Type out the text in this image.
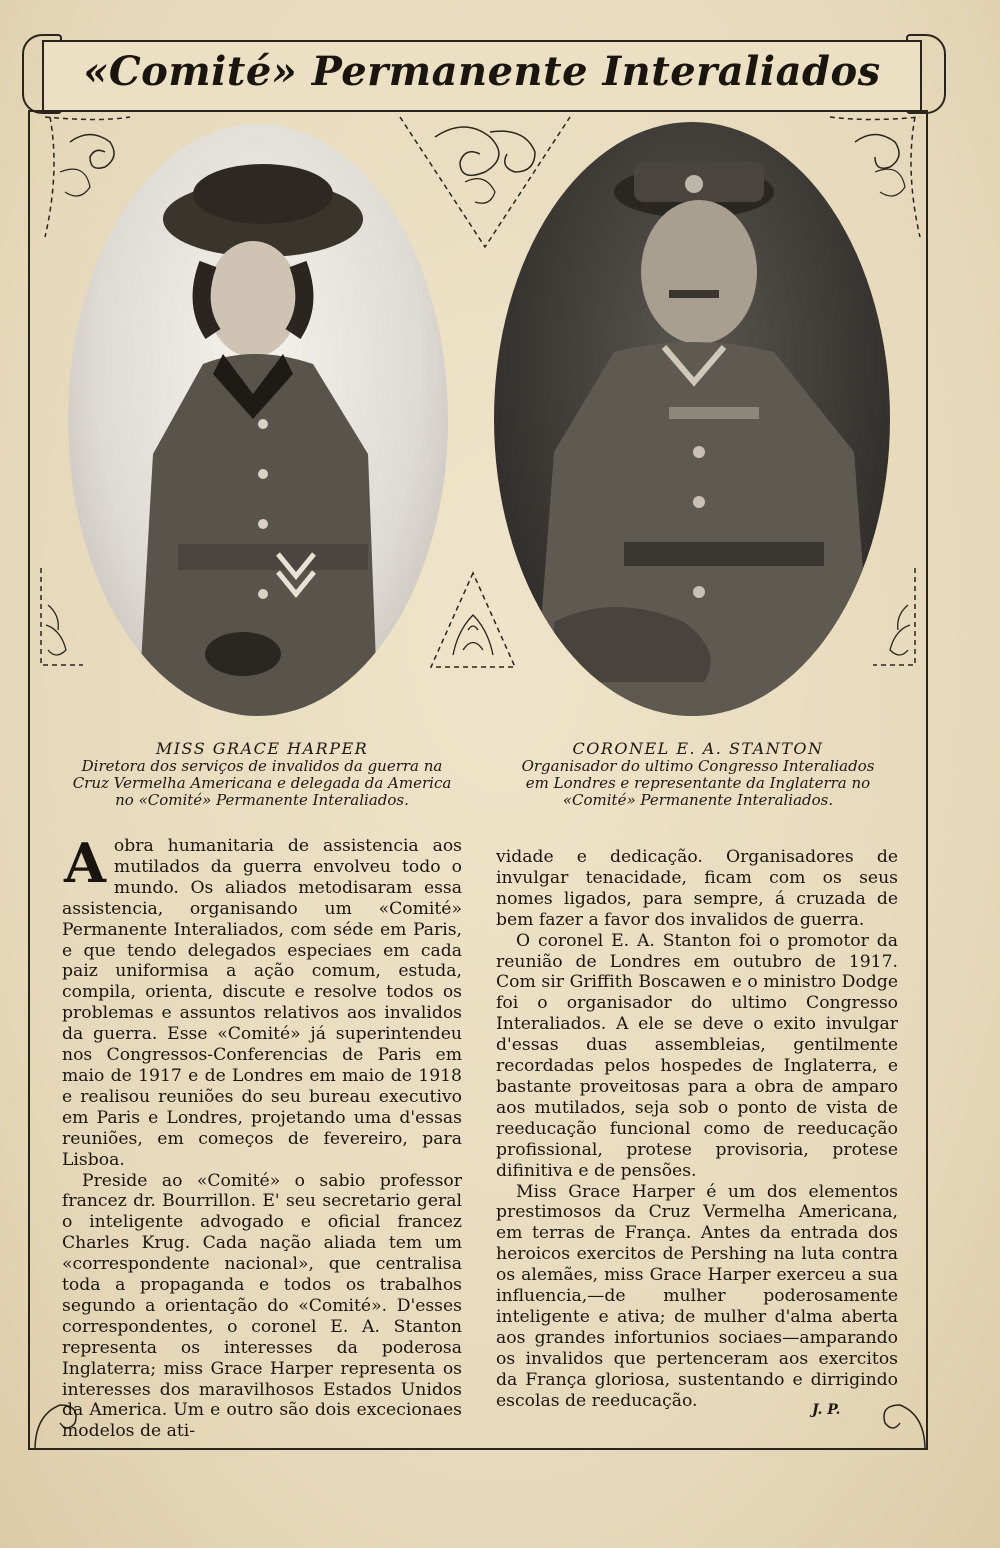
«Comité» Permanente Interaliados
MISS GRACE HARPER
Diretora dos serviços de invalidos da guerra na
Cruz Vermelha Americana e delegada da America
no «Comité» Permanente Interaliados.
CORONEL E. A. STANTON
Organisador do ultimo Congresso Interaliados
em Londres e representante da Inglaterra no
«Comité» Permanente Interaliados.

Aobra humanitaria de assistencia aos mutilados da guerra envolveu todo o mundo. Os aliados metodisaram essa assistencia, organisando um «Comité» Permanente Interaliados, com séde em Paris, e que tendo delegados especiaes em cada paiz uniformisa a ação comum, estuda, compila, orienta, discute e resolve todos os problemas e assuntos relativos aos invalidos da guerra. Esse «Comité» já superintendeu nos Congressos-Conferencias de Paris em maio de 1917 e de Londres em maio de 1918 e realisou reuniões do seu bureau executivo em Paris e Londres, projetando uma d'essas reuniões, em começos de fevereiro, para Lisboa.

Preside ao «Comité» o sabio professor francez dr. Bourrillon. E' seu secretario geral o inteligente advogado e oficial francez Charles Krug. Cada nação aliada tem um «correspondente nacional», que centralisa toda a propaganda e todos os trabalhos segundo a orientação do «Comité». D'esses correspondentes, o coronel E. A. Stanton representa os interesses da poderosa Inglaterra; miss Grace Harper representa os interesses dos maravilhosos Estados Unidos da America. Um e outro são dois excecionaes modelos de ati-

vidade e dedicação. Organisadores de invulgar tenacidade, ficam com os seus nomes ligados, para sempre, á cruzada de bem fazer a favor dos invalidos de guerra.

O coronel E. A. Stanton foi o promotor da reunião de Londres em outubro de 1917. Com sir Griffith Boscawen e o ministro Dodge foi o organisador do ultimo Congresso Interaliados. A ele se deve o exito invulgar d'essas duas assembleias, gentilmente recordadas pelos hospedes de Inglaterra, e bastante proveitosas para a obra de amparo aos mutilados, seja sob o ponto de vista de reeducação funcional como de reeducação profissional, protese provisoria, protese difinitiva e de pensões.

Miss Grace Harper é um dos elementos prestimosos da Cruz Vermelha Americana, em terras de França. Antes da entrada dos heroicos exercitos de Pershing na luta contra os alemães, miss Grace Harper exerceu a sua influencia,—de mulher poderosamente inteligente e ativa; de mulher d'alma aberta aos grandes infortunios sociaes—amparando os invalidos que pertenceram aos exercitos da França gloriosa, sustentando e dirrigindo escolas de reeducação.	J. P.
